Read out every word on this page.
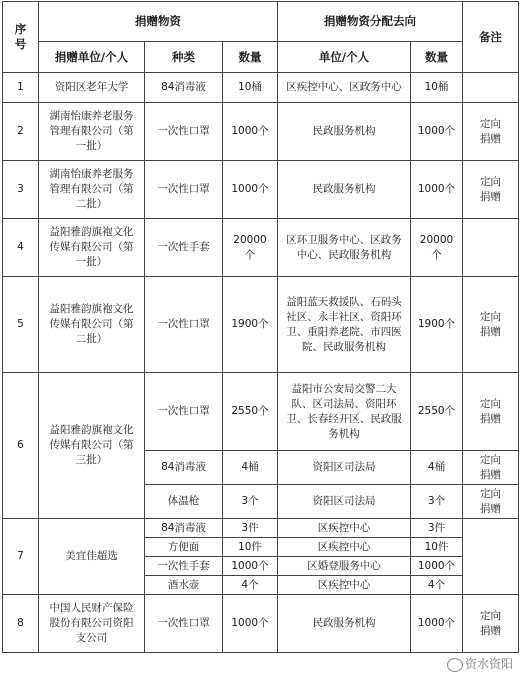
序号	捐赠物资			捐赠物资分配去向		备注
	捐赠单位/个人	种类	数量	单位/个人	数量	
1	资阳区老年大学	84消毒液	10桶	区疾控中心、区政务中心	10桶	
2	湖南怡康养老服务管理有限公司（第一批）	一次性口罩	1000个	民政服务机构	1000个	定向捐赠
3	湖南怡康养老服务管理有限公司（第二批）	一次性口罩	1000个	民政服务机构	1000个	定向捐赠
4	益阳雅韵旗袍文化传媒有限公司（第一批）	一次性手套	20000个	区环卫服务中心、区政务中心、民政服务机构	20000个	
5	益阳雅韵旗袍文化传媒有限公司（第二批）	一次性口罩	1900个	益阳蓝天救援队、石码头社区、永丰社区、资阳环卫、重阳养老院、市四医院、民政服务机构	1900个	定向捐赠
6	益阳雅韵旗袍文化传媒有限公司（第三批）	一次性口罩	2550个	益阳市公安局交警二大队、区司法局、资阳环卫、长春经开区、民政服务机构	2550个	定向捐赠
		84消毒液	4桶	资阳区司法局	4桶	定向捐赠
		体温枪	3个	资阳区司法局	3个	定向捐赠
7	美宜佳超选	84消毒液	3件	区疾控中心	3件	
		方便面	10件	区疾控中心	10件	
		一次性手套	1000个	区婚登服务中心	1000个	
		酒水壶	4个	区疾控中心	4个	
8	中国人民财产保险股份有限公司资阳支公司	一次性口罩	1000个	民政服务机构	1000个	定向捐赠
资水资阳
